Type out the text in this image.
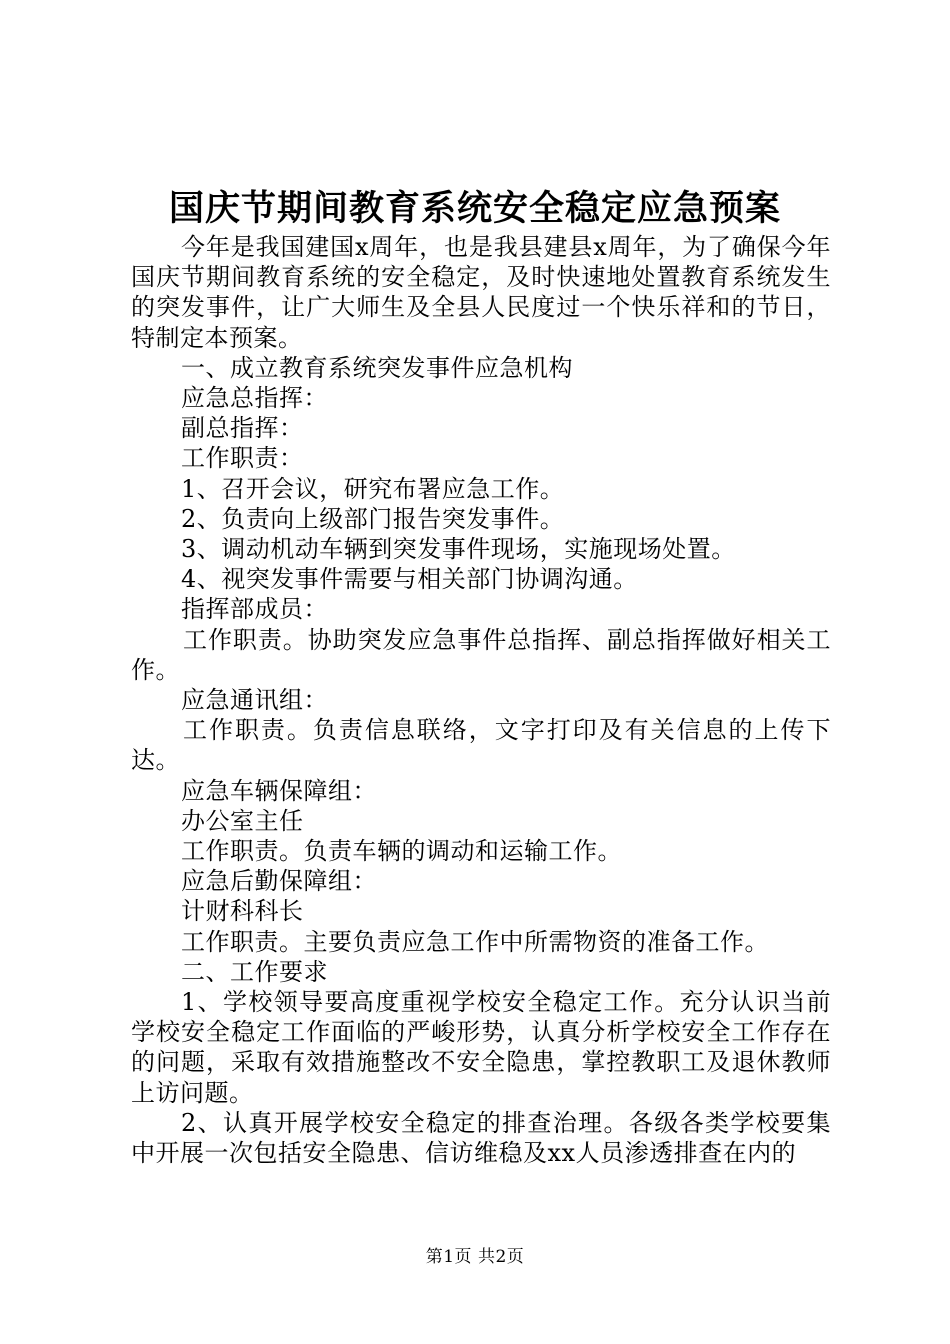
国庆节期间教育系统安全稳定应急预案

今年是我国建国x周年，也是我县建县x周年，为了确保今年国庆节期间教育系统的安全稳定，及时快速地处置教育系统发生的突发事件，让广大师生及全县人民度过一个快乐祥和的节日，特制定本预案。

一、成立教育系统突发事件应急机构

应急总指挥：

副总指挥：

工作职责：

1、召开会议，研究布署应急工作。

2、负责向上级部门报告突发事件。

3、调动机动车辆到突发事件现场，实施现场处置。

4、视突发事件需要与相关部门协调沟通。

指挥部成员：

工作职责。协助突发应急事件总指挥、副总指挥做好相关工作。

应急通讯组：

工作职责。负责信息联络，文字打印及有关信息的上传下达。

应急车辆保障组：

办公室主任

工作职责。负责车辆的调动和运输工作。

应急后勤保障组：

计财科科长

工作职责。主要负责应急工作中所需物资的准备工作。

二、工作要求

1、学校领导要高度重视学校安全稳定工作。充分认识当前学校安全稳定工作面临的严峻形势，认真分析学校安全工作存在的问题，采取有效措施整改不安全隐患，掌控教职工及退休教师上访问题。

2、认真开展学校安全稳定的排查治理。各级各类学校要集中开展一次包括安全隐患、信访维稳及xx人员渗透排查在内的

第1页 共2页
